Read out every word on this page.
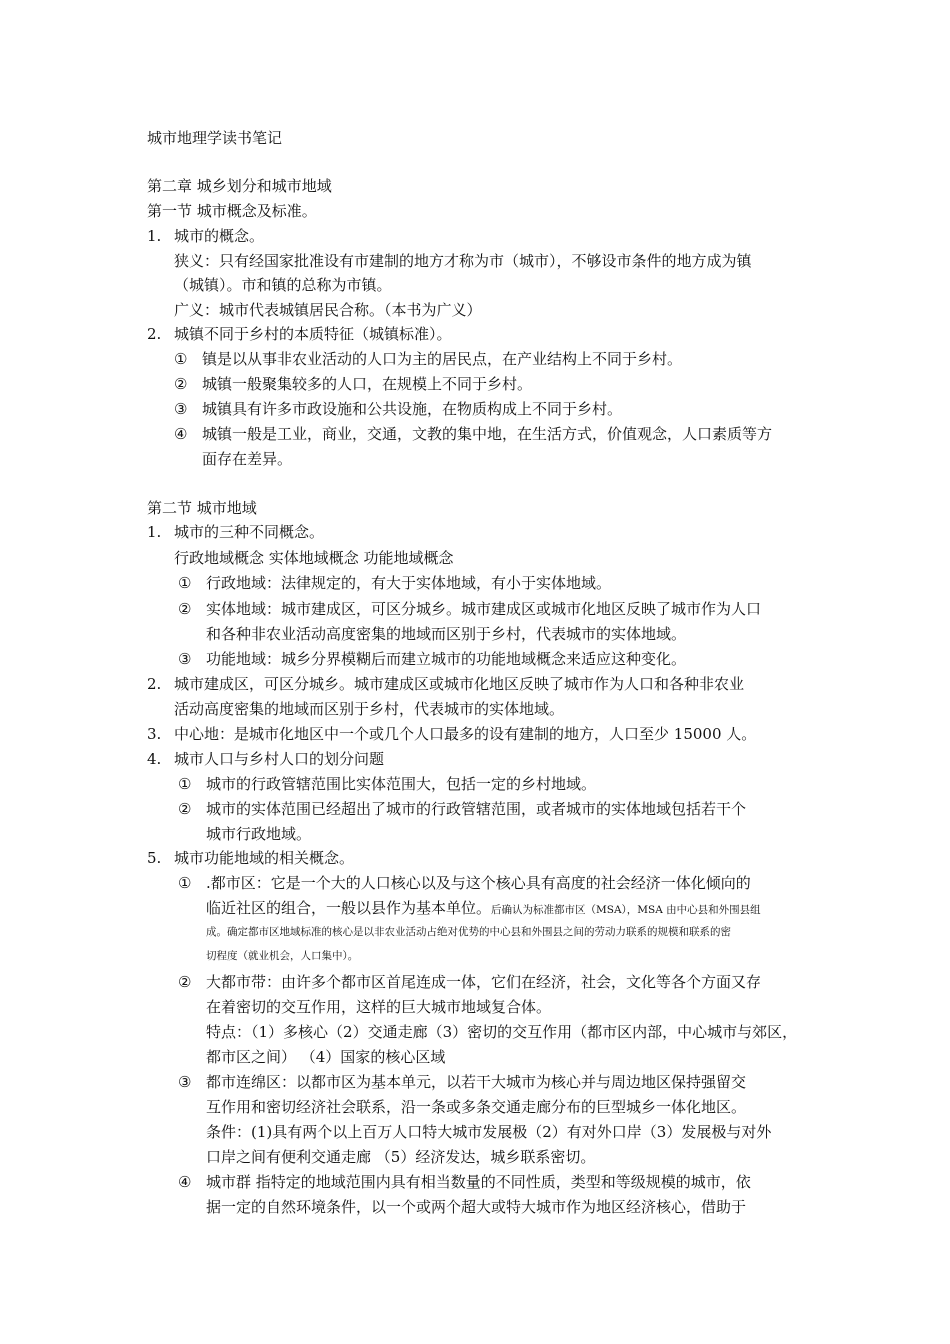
城市地理学读书笔记
第二章 城乡划分和城市地域
第一节 城市概念及标准。
1. 城市的概念。
狭义：只有经国家批准设有市建制的地方才称为市（城市），不够设市条件的地方成为镇
（城镇）。市和镇的总称为市镇。
广义：城市代表城镇居民合称。（本书为广义）
2. 城镇不同于乡村的本质特征（城镇标准）。
① 镇是以从事非农业活动的人口为主的居民点，在产业结构上不同于乡村。
② 城镇一般聚集较多的人口，在规模上不同于乡村。
③ 城镇具有许多市政设施和公共设施，在物质构成上不同于乡村。
④ 城镇一般是工业，商业，交通，文教的集中地，在生活方式，价值观念，人口素质等方
面存在差异。
第二节 城市地域
1. 城市的三种不同概念。
行政地域概念 实体地域概念 功能地域概念
① 行政地域：法律规定的，有大于实体地域，有小于实体地域。
② 实体地域：城市建成区，可区分城乡。城市建成区或城市化地区反映了城市作为人口
和各种非农业活动高度密集的地域而区别于乡村，代表城市的实体地域。
③ 功能地域：城乡分界模糊后而建立城市的功能地域概念来适应这种变化。
2. 城市建成区，可区分城乡。城市建成区或城市化地区反映了城市作为人口和各种非农业
活动高度密集的地域而区别于乡村，代表城市的实体地域。
3. 中心地：是城市化地区中一个或几个人口最多的设有建制的地方，人口至少 15000 人。
4. 城市人口与乡村人口的划分问题
① 城市的行政管辖范围比实体范围大，包括一定的乡村地域。
② 城市的实体范围已经超出了城市的行政管辖范围，或者城市的实体地域包括若干个
城市行政地域。
5. 城市功能地域的相关概念。
① .都市区：它是一个大的人口核心以及与这个核心具有高度的社会经济一体化倾向的
临近社区的组合，一般以县作为基本单位。后确认为标准都市区（MSA），MSA 由中心县和外围县组
成。确定都市区地域标准的核心是以非农业活动占绝对优势的中心县和外围县之间的劳动力联系的规模和联系的密
切程度（就业机会，人口集中）。
② 大都市带：由许多个都市区首尾连成一体，它们在经济，社会，文化等各个方面又存
在着密切的交互作用，这样的巨大城市地域复合体。
特点：（1）多核心（2）交通走廊（3）密切的交互作用（都市区内部，中心城市与郊区，
都市区之间） （4）国家的核心区域
③ 都市连绵区：以都市区为基本单元，以若干大城市为核心并与周边地区保持强留交
互作用和密切经济社会联系，沿一条或多条交通走廊分布的巨型城乡一体化地区。
条件：(1)具有两个以上百万人口特大城市发展极（2）有对外口岸（3）发展极与对外
口岸之间有便利交通走廊 （5）经济发达，城乡联系密切。
④ 城市群 指特定的地域范围内具有相当数量的不同性质，类型和等级规模的城市，依
据一定的自然环境条件，以一个或两个超大或特大城市作为地区经济核心，借助于
